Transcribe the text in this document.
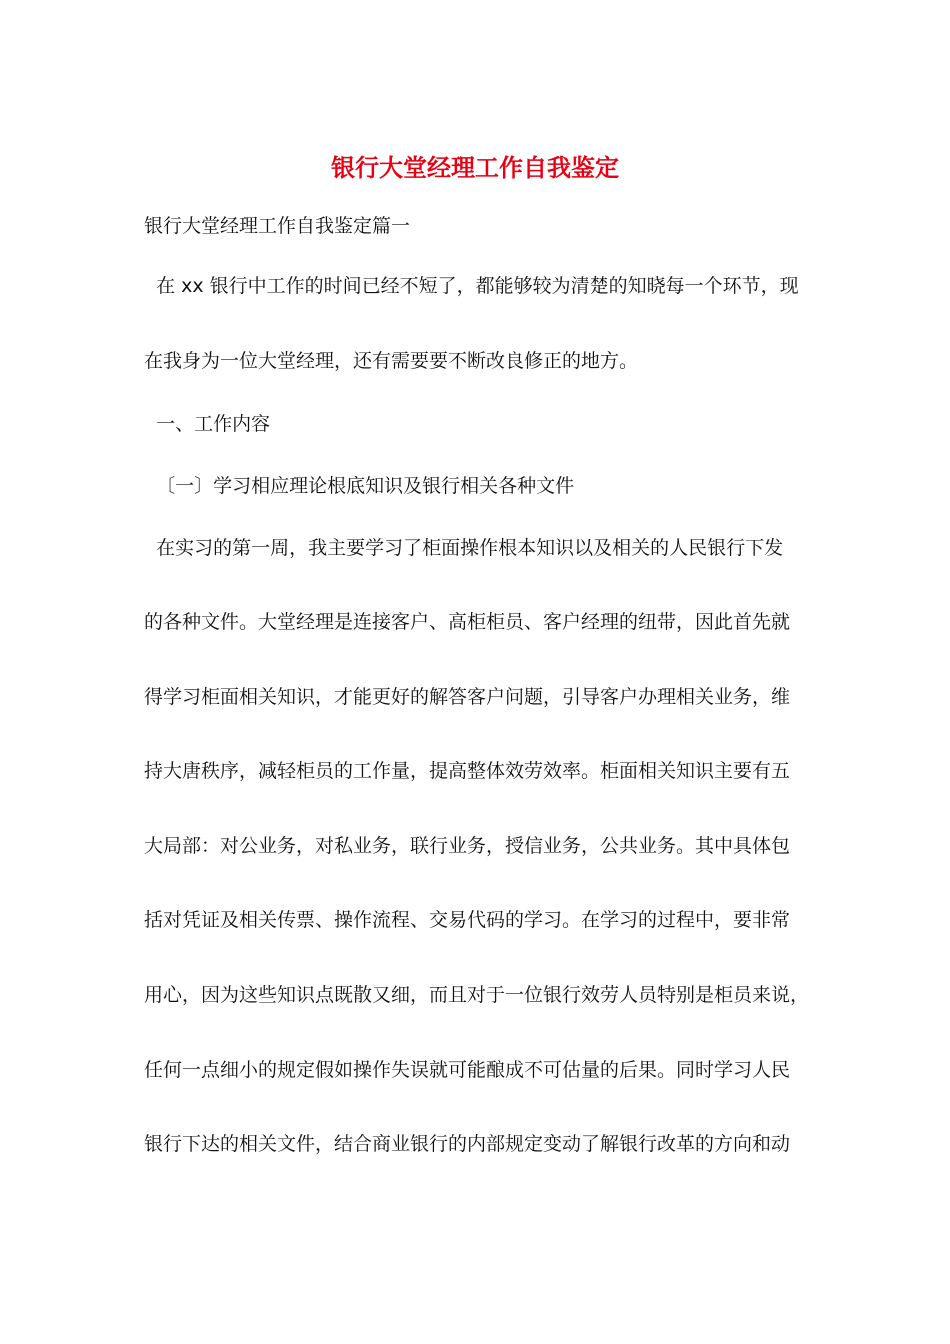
银行大堂经理工作自我鉴定

银行大堂经理工作自我鉴定篇一

在 xx 银行中工作的时间已经不短了，都能够较为清楚的知晓每一个环节，现

在我身为一位大堂经理，还有需要要不断改良修正的地方。

一、工作内容

〔一〕学习相应理论根底知识及银行相关各种文件

在实习的第一周，我主要学习了柜面操作根本知识以及相关的人民银行下发

的各种文件。大堂经理是连接客户、高柜柜员、客户经理的纽带，因此首先就

得学习柜面相关知识，才能更好的解答客户问题，引导客户办理相关业务，维

持大唐秩序，减轻柜员的工作量，提高整体效劳效率。柜面相关知识主要有五

大局部：对公业务，对私业务，联行业务，授信业务，公共业务。其中具体包

括对凭证及相关传票、操作流程、交易代码的学习。在学习的过程中，要非常

用心，因为这些知识点既散又细，而且对于一位银行效劳人员特别是柜员来说，

任何一点细小的规定假如操作失误就可能酿成不可估量的后果。同时学习人民

银行下达的相关文件，结合商业银行的内部规定变动了解银行改革的方向和动
